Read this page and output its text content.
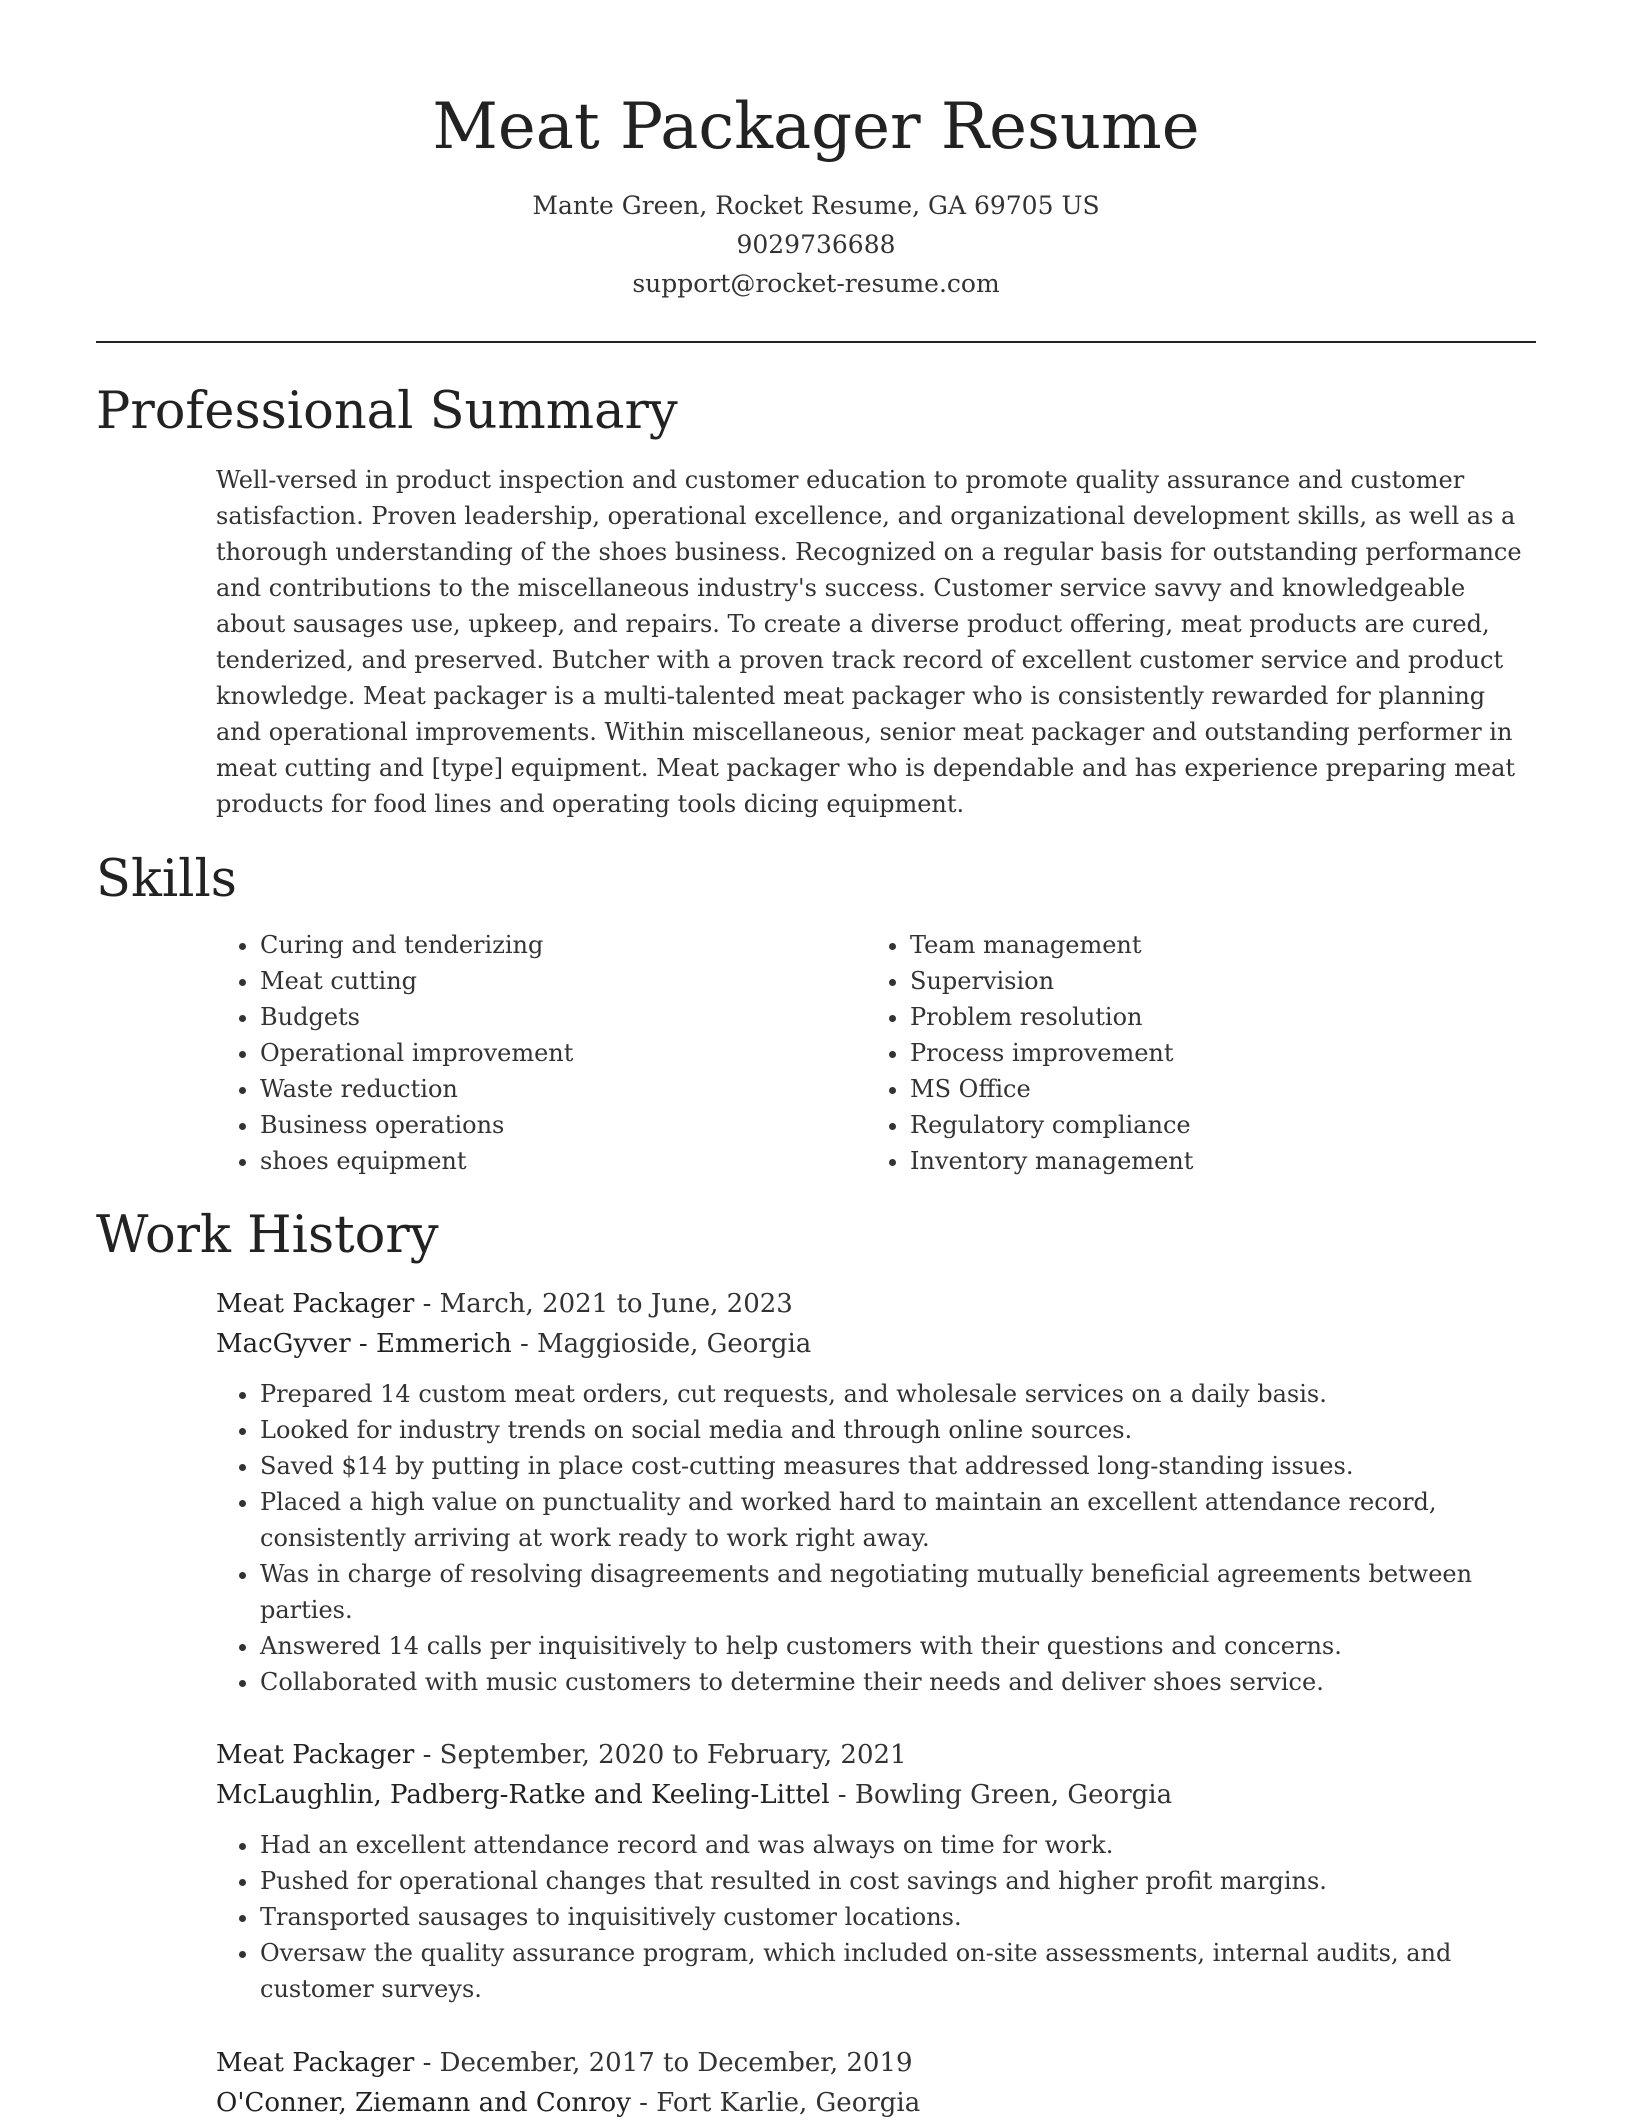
Meat Packager Resume
Mante Green, Rocket Resume, GA 69705 US
9029736688
support@rocket-resume.com
Professional Summary

Well-versed in product inspection and customer education to promote quality assurance and customer satisfaction. Proven leadership, operational excellence, and organizational development skills, as well as a thorough understanding of the shoes business. Recognized on a regular basis for outstanding performance and contributions to the miscellaneous industry's success. Customer service savvy and knowledgeable about sausages use, upkeep, and repairs. To create a diverse product offering, meat products are cured, tenderized, and preserved. Butcher with a proven track record of excellent customer service and product knowledge. Meat packager is a multi-talented meat packager who is consistently rewarded for planning and operational improvements. Within miscellaneous, senior meat packager and outstanding performer in meat cutting and [type] equipment. Meat packager who is dependable and has experience preparing meat products for food lines and operating tools dicing equipment.

Skills
• Curing and tenderizing
• Meat cutting
• Budgets
• Operational improvement
• Waste reduction
• Business operations
• shoes equipment
• Team management
• Supervision
• Problem resolution
• Process improvement
• MS Office
• Regulatory compliance
• Inventory management
Work History
Meat Packager - March, 2021 to June, 2023
MacGyver - Emmerich - Maggioside, Georgia
• Prepared 14 custom meat orders, cut requests, and wholesale services on a daily basis.
• Looked for industry trends on social media and through online sources.
• Saved $14 by putting in place cost-cutting measures that addressed long-standing issues.
• Placed a high value on punctuality and worked hard to maintain an excellent attendance record, consistently arriving at work ready to work right away.
• Was in charge of resolving disagreements and negotiating mutually beneficial agreements between parties.
• Answered 14 calls per inquisitively to help customers with their questions and concerns.
• Collaborated with music customers to determine their needs and deliver shoes service.
Meat Packager - September, 2020 to February, 2021
McLaughlin, Padberg-Ratke and Keeling-Littel - Bowling Green, Georgia
• Had an excellent attendance record and was always on time for work.
• Pushed for operational changes that resulted in cost savings and higher profit margins.
• Transported sausages to inquisitively customer locations.
• Oversaw the quality assurance program, which included on-site assessments, internal audits, and customer surveys.
Meat Packager - December, 2017 to December, 2019
O'Conner, Ziemann and Conroy - Fort Karlie, Georgia
